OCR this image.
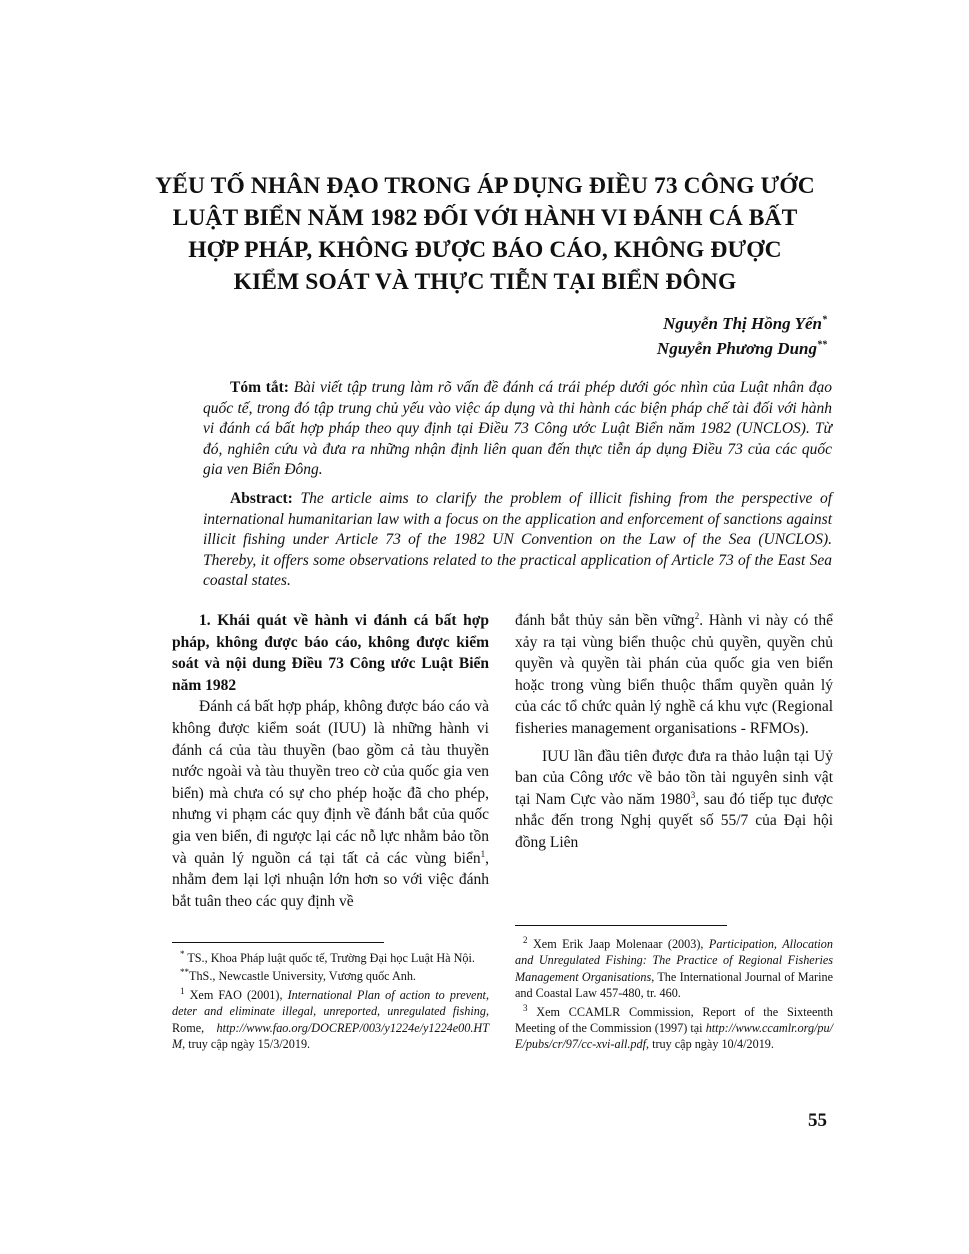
YẾU TỐ NHÂN ĐẠO TRONG ÁP DỤNG ĐIỀU 73 CÔNG ƯỚC
LUẬT BIỂN NĂM 1982 ĐỐI VỚI HÀNH VI ĐÁNH CÁ BẤT
HỢP PHÁP, KHÔNG ĐƯỢC BÁO CÁO, KHÔNG ĐƯỢC
KIỂM SOÁT VÀ THỰC TIỄN TẠI BIỂN ĐÔNG
Nguyễn Thị Hồng Yến*
Nguyễn Phương Dung**
Tóm tắt: Bài viết tập trung làm rõ vấn đề đánh cá trái phép dưới góc nhìn của Luật nhân đạo quốc tế, trong đó tập trung chủ yếu vào việc áp dụng và thi hành các biện pháp chế tài đối với hành vi đánh cá bất hợp pháp theo quy định tại Điều 73 Công ước Luật Biển năm 1982 (UNCLOS). Từ đó, nghiên cứu và đưa ra những nhận định liên quan đến thực tiễn áp dụng Điều 73 của các quốc gia ven Biển Đông.
Abstract: The article aims to clarify the problem of illicit fishing from the perspective of international humanitarian law with a focus on the application and enforcement of sanctions against illicit fishing under Article 73 of the 1982 UN Convention on the Law of the Sea (UNCLOS). Thereby, it offers some observations related to the practical application of Article 73 of the East Sea coastal states.

1. Khái quát về hành vi đánh cá bất hợp pháp, không được báo cáo, không được kiểm soát và nội dung Điều 73 Công ước Luật Biển năm 1982

Đánh cá bất hợp pháp, không được báo cáo và không được kiểm soát (IUU) là những hành vi đánh cá của tàu thuyền (bao gồm cả tàu thuyền nước ngoài và tàu thuyền treo cờ của quốc gia ven biển) mà chưa có sự cho phép hoặc đã cho phép, nhưng vi phạm các quy định về đánh bắt của quốc gia ven biển, đi ngược lại các nỗ lực nhằm bảo tồn và quản lý nguồn cá tại tất cả các vùng biển$^1$, nhằm đem lại lợi nhuận lớn hơn so với việc đánh bắt tuân theo các quy định về

đánh bắt thủy sản bền vững$^2$. Hành vi này có thể xảy ra tại vùng biển thuộc chủ quyền, quyền chủ quyền và quyền tài phán của quốc gia ven biển hoặc trong vùng biển thuộc thẩm quyền quản lý của các tổ chức quản lý nghề cá khu vực (Regional fisheries management organisations - RFMOs).

IUU lần đầu tiên được đưa ra thảo luận tại Uỷ ban của Công ước về bảo tồn tài nguyên sinh vật tại Nam Cực vào năm 1980$^3$, sau đó tiếp tục được nhắc đến trong Nghị quyết số 55/7 của Đại hội đồng Liên

* TS., Khoa Pháp luật quốc tế, Trường Đại học Luật Hà Nội.

**ThS., Newcastle University, Vương quốc Anh.

$^1$ Xem FAO (2001), International Plan of action to prevent, deter and eliminate illegal, unreported, unregulated fishing, Rome, http://www.fao.org/DOCREP/003/y1224e/y1224e00.HTM, truy cập ngày 15/3/2019.

$^2$ Xem Erik Jaap Molenaar (2003), Participation, Allocation and Unregulated Fishing: The Practice of Regional Fisheries Management Organisations, The International Journal of Marine and Coastal Law 457-480, tr. 460.

$^3$ Xem CCAMLR Commission, Report of the Sixteenth Meeting of the Commission (1997) tại http://www.ccamlr.org/pu/E/pubs/cr/97/cc-xvi-all.pdf, truy cập ngày 10/4/2019.

55
